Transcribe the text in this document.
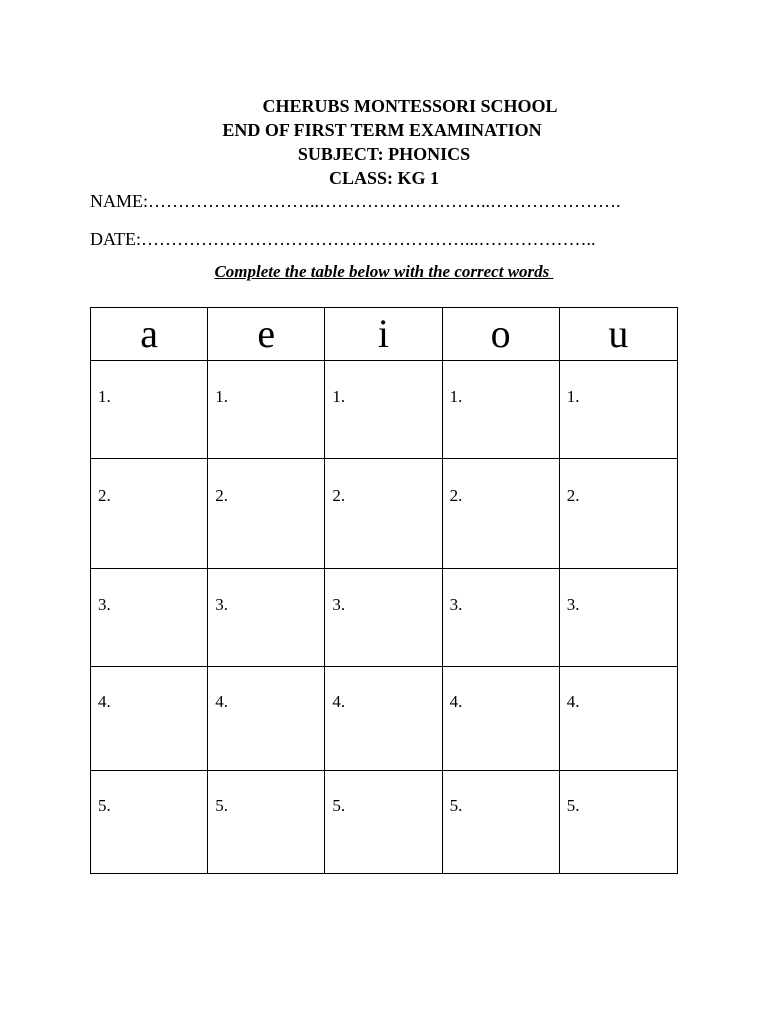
CHERUBS MONTESSORI SCHOOL
END OF FIRST TERM EXAMINATION
SUBJECT: PHONICS
CLASS: KG 1
NAME:………………………..………………………..………………….
DATE:………………………………………………...………………..
Complete the table below with the correct words
a	e	i	o	u

1.	1.	1.	1.	1.

2.	2.	2.	2.	2.

3.	3.	3.	3.	3.

4.	4.	4.	4.	4.

5.	5.	5.	5.	5.
